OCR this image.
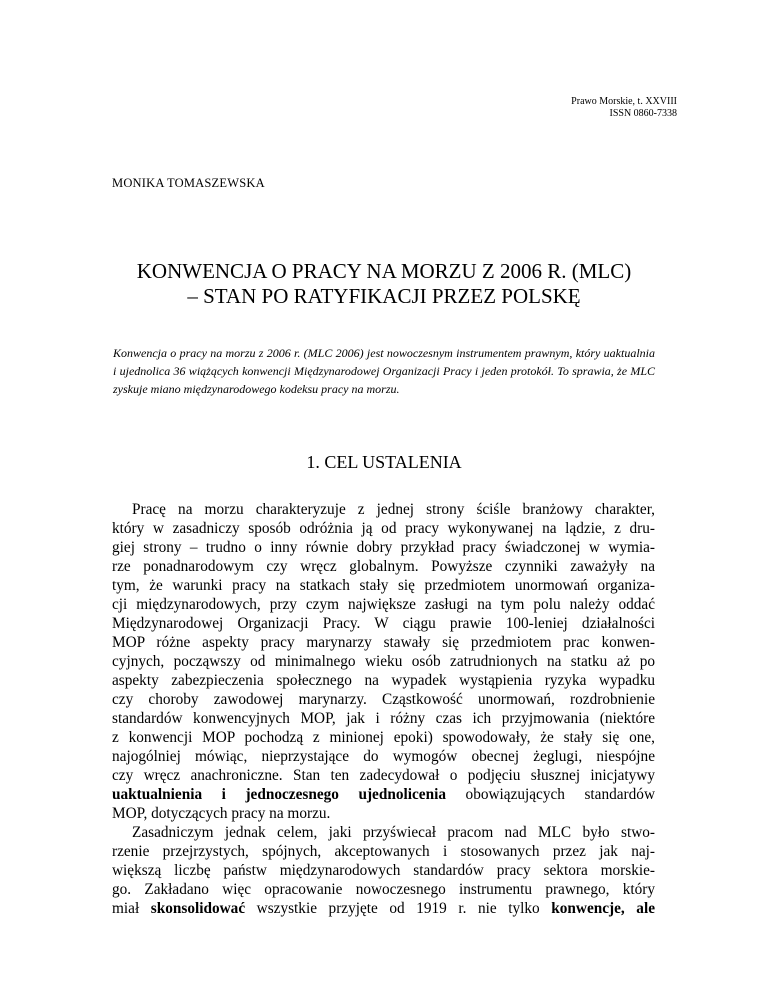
Prawo Morskie, t. XXVIII
ISSN 0860-7338
MONIKA TOMASZEWSKA
KONWENCJA O PRACY NA MORZU Z 2006 R. (MLC)
– STAN PO RATYFIKACJI PRZEZ POLSKĘ
Konwencja o pracy na morzu z 2006 r. (MLC 2006) jest nowoczesnym instrumentem prawnym, który uaktualnia i ujednolica 36 wiążących konwencji Międzynarodowej Organizacji Pracy i jeden protokół. To sprawia, że MLC zyskuje miano międzynarodowego kodeksu pracy na morzu.
1. CEL USTALENIA
Pracę na morzu charakteryzuje z jednej strony ściśle branżowy charakter,
który w zasadniczy sposób odróżnia ją od pracy wykonywanej na lądzie, z dru-
giej strony – trudno o inny równie dobry przykład pracy świadczonej w wymia-
rze ponadnarodowym czy wręcz globalnym. Powyższe czynniki zaważyły na
tym, że warunki pracy na statkach stały się przedmiotem unormowań organiza-
cji międzynarodowych, przy czym największe zasługi na tym polu należy oddać
Międzynarodowej Organizacji Pracy. W ciągu prawie 100-leniej działalności
MOP różne aspekty pracy marynarzy stawały się przedmiotem prac konwen-
cyjnych, począwszy od minimalnego wieku osób zatrudnionych na statku aż po
aspekty zabezpieczenia społecznego na wypadek wystąpienia ryzyka wypadku
czy choroby zawodowej marynarzy. Cząstkowość unormowań, rozdrobnienie
standardów konwencyjnych MOP, jak i różny czas ich przyjmowania (niektóre
z konwencji MOP pochodzą z minionej epoki) spowodowały, że stały się one,
najogólniej mówiąc, nieprzystające do wymogów obecnej żeglugi, niespójne
czy wręcz anachroniczne. Stan ten zadecydował o podjęciu słusznej inicjatywy
uaktualnienia i jednoczesnego ujednolicenia obowiązujących standardów
MOP, dotyczących pracy na morzu.
Zasadniczym jednak celem, jaki przyświecał pracom nad MLC było stwo-
rzenie przejrzystych, spójnych, akceptowanych i stosowanych przez jak naj-
większą liczbę państw międzynarodowych standardów pracy sektora morskie-
go. Zakładano więc opracowanie nowoczesnego instrumentu prawnego, który
miał skonsolidować wszystkie przyjęte od 1919 r. nie tylko konwencje, ale
